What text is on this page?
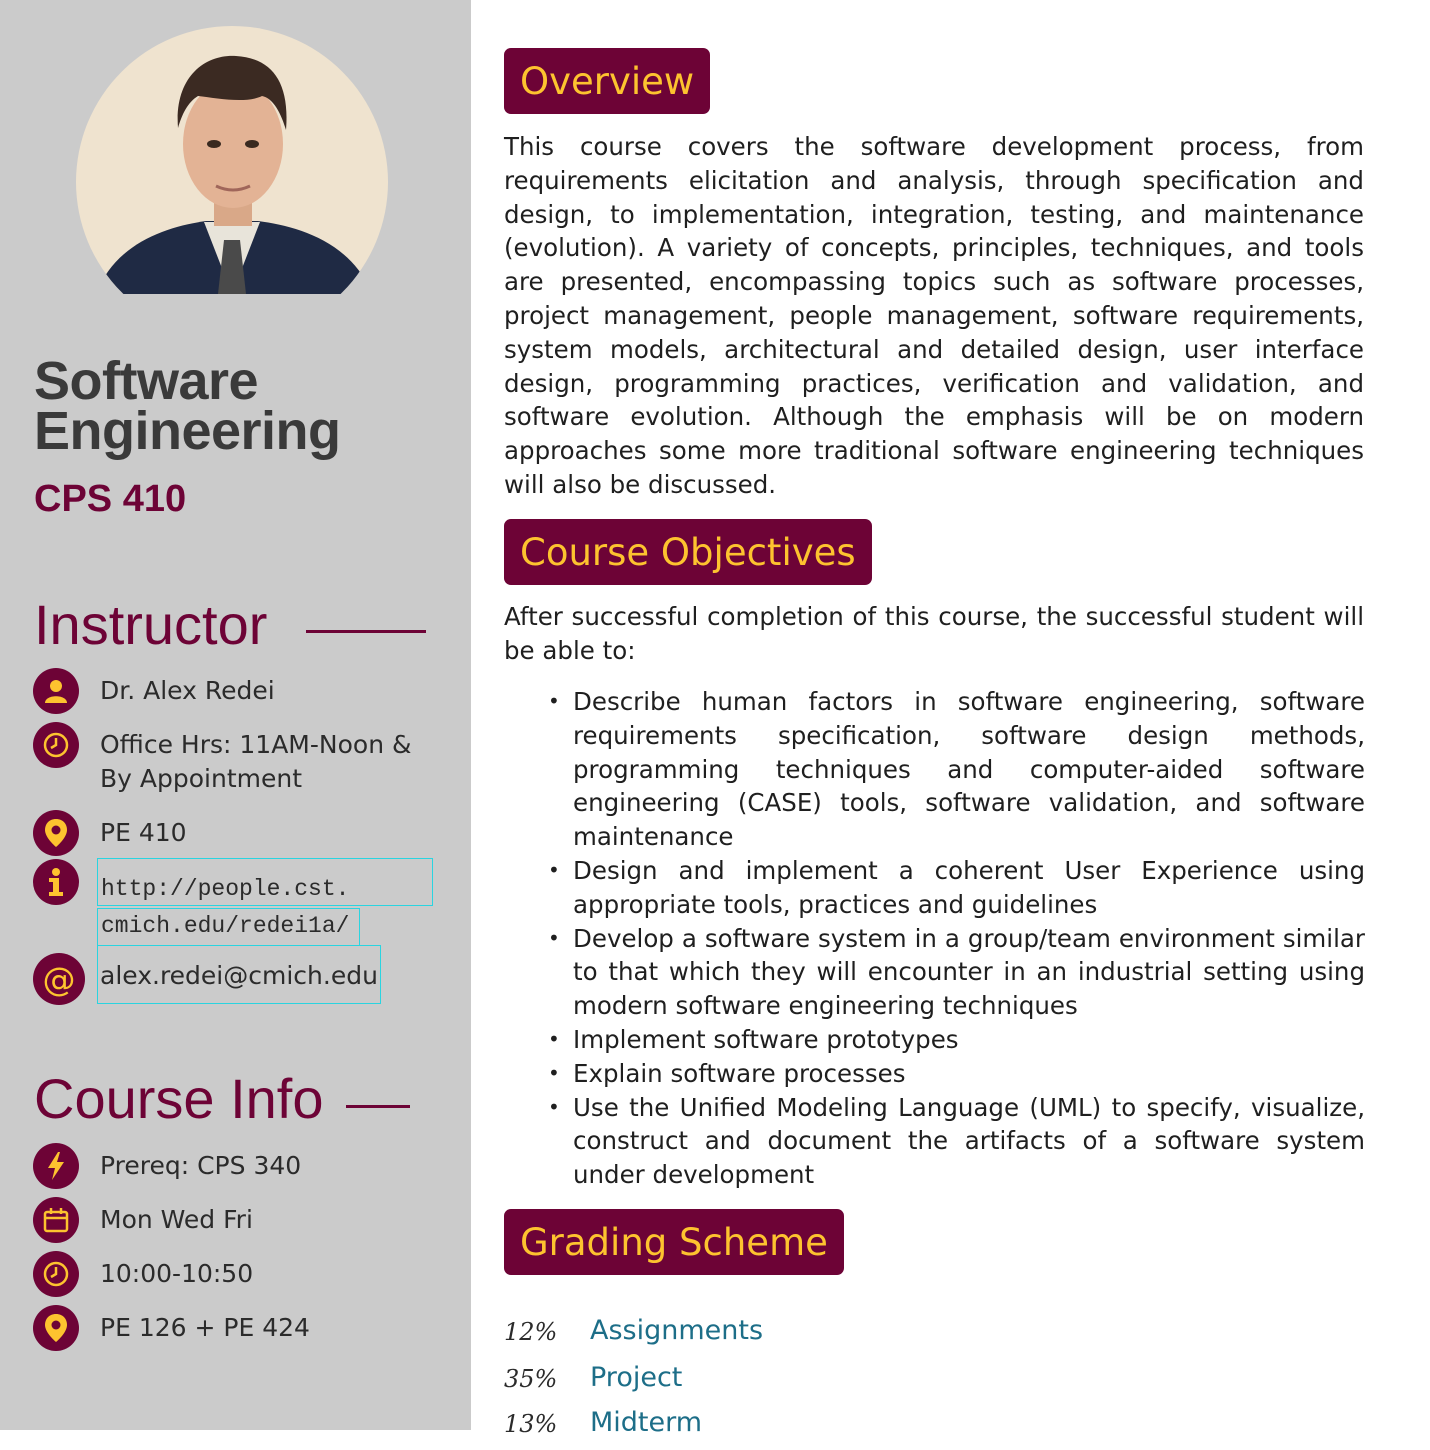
Software
Engineering
CPS 410
Instructor
Dr. Alex Redei
Office Hrs: 11AM-Noon &
By Appointment
PE 410
http://people.cst.
cmich.edu/redei1a/
@ alex.redei@cmich.edu
Course Info
Prereq: CPS 340
Mon Wed Fri
10:00-10:50
PE 126 + PE 424
Overview

This course covers the software development process, from requirements elicitation and analysis, through specification and design, to implementation, integration, testing, and maintenance (evolution). A variety of concepts, principles, techniques, and tools are presented, encompassing topics such as software processes, project management, people management, software requirements, system models, architectural and detailed design, user interface design, programming practices, verification and validation, and software evolution. Although the emphasis will be on modern approaches some more traditional software engineering techniques will also be discussed.

Course Objectives

After successful completion of this course, the successful student will be able to:

• Describe human factors in software engineering, software requirements specification, software design methods, programming techniques and computer-aided software engineering (CASE) tools, software validation, and software maintenance
• Design and implement a coherent User Experience using appropriate tools, practices and guidelines
• Develop a software system in a group/team environment similar to that which they will encounter in an industrial setting using modern software engineering techniques
• Implement software prototypes
• Explain software processes
• Use the Unified Modeling Language (UML) to specify, visualize, construct and document the artifacts of a software system under development
Grading Scheme
12% Assignments
35% Project
13% Midterm
